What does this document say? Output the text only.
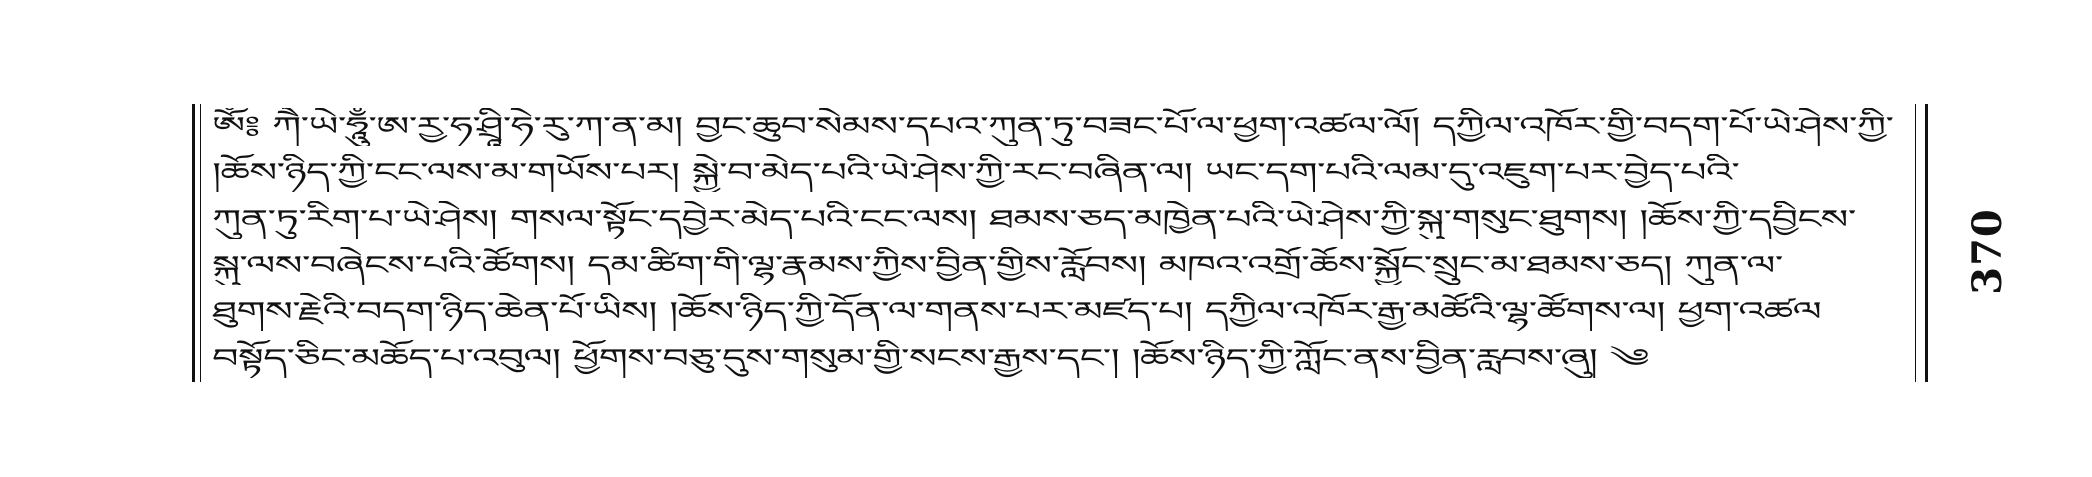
ༀ༔ ཀཻ་ཡེ་ཧཱུྃ་ཨ་རྱ་ཧ་ཤྲཱི་ཧེ་རུ་ཀ་ན་མ། བྱང་ཆུབ་སེམས་དཔའ་ཀུན་ཏུ་བཟང་པོ་ལ་ཕྱག་འཚལ་ལོ། དཀྱིལ་འཁོར་གྱི་བདག་པོ་ཡེ་ཤེས་ཀྱི་
།ཆོས་ཉིད་ཀྱི་ངང་ལས་མ་གཡོས་པར། སྐྱེ་བ་མེད་པའི་ཡེ་ཤེས་ཀྱི་རང་བཞིན་ལ། ཡང་དག་པའི་ལམ་དུ་འཇུག་པར་བྱེད་པའི་
ཀུན་ཏུ་རིག་པ་ཡེ་ཤེས། གསལ་སྟོང་དབྱེར་མེད་པའི་ངང་ལས། ཐམས་ཅད་མཁྱེན་པའི་ཡེ་ཤེས་ཀྱི་སྐུ་གསུང་ཐུགས། །ཆོས་ཀྱི་དབྱིངས་
སྐུ་ལས་བཞེངས་པའི་ཚོགས། དམ་ཚིག་གི་ལྷ་རྣམས་ཀྱིས་བྱིན་གྱིས་རློབས། མཁའ་འགྲོ་ཆོས་སྐྱོང་སྲུང་མ་ཐམས་ཅད། ཀུན་ལ་
ཐུགས་རྗེའི་བདག་ཉིད་ཆེན་པོ་ཡིས། །ཆོས་ཉིད་ཀྱི་དོན་ལ་གནས་པར་མཛད་པ། དཀྱིལ་འཁོར་རྒྱ་མཚོའི་ལྷ་ཚོགས་ལ། ཕྱག་འཚལ
བསྟོད་ཅིང་མཆོད་པ་འབུལ། ཕྱོགས་བཅུ་དུས་གསུམ་གྱི་སངས་རྒྱས་དང་། །ཆོས་ཉིད་ཀྱི་ཀློང་ནས་བྱིན་རླབས་ཞུ། ༄
370
